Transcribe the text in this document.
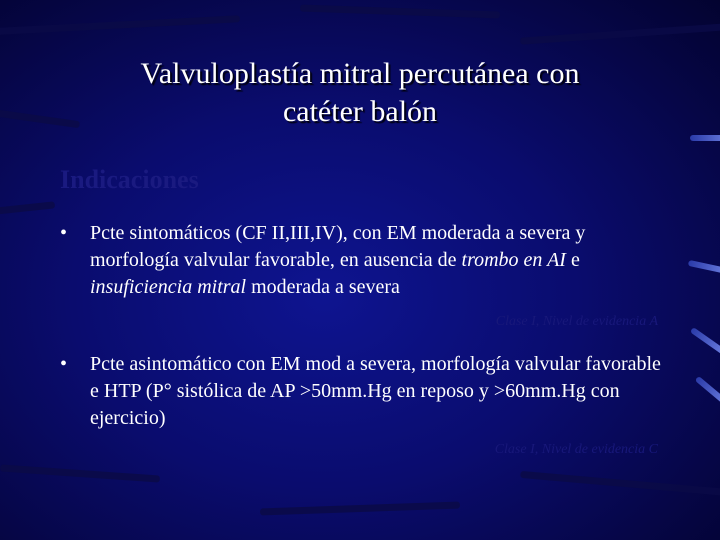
Valvuloplastía mitral percutánea con
catéter balón
Indicaciones
• Pcte sintomáticos (CF II,III,IV), con EM moderada a severa y morfología valvular favorable, en ausencia de trombo en AI e insuficiencia mitral moderada a severa
Clase I, Nivel de evidencia A
• Pcte asintomático con EM mod a severa, morfología valvular favorable e HTP (P° sistólica de AP >50mm.Hg en reposo y >60mm.Hg con ejercicio)
Clase I, Nivel de evidencia C
